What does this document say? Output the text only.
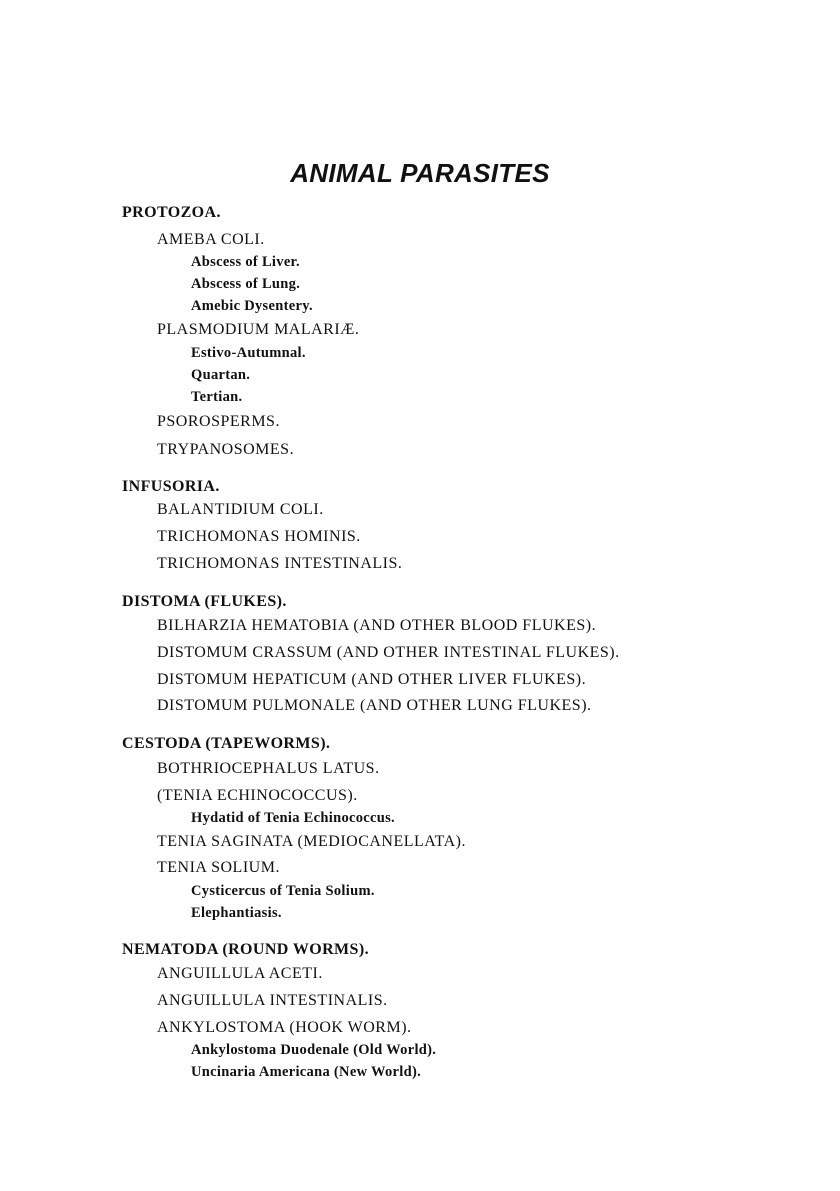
ANIMAL PARASITES
PROTOZOA.
AMEBA COLI.
Abscess of Liver.
Abscess of Lung.
Amebic Dysentery.
PLASMODIUM MALARIÆ.
Estivo-Autumnal.
Quartan.
Tertian.
PSOROSPERMS.
TRYPANOSOMES.
INFUSORIA.
BALANTIDIUM COLI.
TRICHOMONAS HOMINIS.
TRICHOMONAS INTESTINALIS.
DISTOMA (FLUKES).
BILHARZIA HEMATOBIA (AND OTHER BLOOD FLUKES).
DISTOMUM CRASSUM (AND OTHER INTESTINAL FLUKES).
DISTOMUM HEPATICUM (AND OTHER LIVER FLUKES).
DISTOMUM PULMONALE (AND OTHER LUNG FLUKES).
CESTODA (TAPEWORMS).
BOTHRIOCEPHALUS LATUS.
(TENIA ECHINOCOCCUS).
Hydatid of Tenia Echinococcus.
TENIA SAGINATA (MEDIOCANELLATA).
TENIA SOLIUM.
Cysticercus of Tenia Solium.
Elephantiasis.
NEMATODA (ROUND WORMS).
ANGUILLULA ACETI.
ANGUILLULA INTESTINALIS.
ANKYLOSTOMA (HOOK WORM).
Ankylostoma Duodenale (Old World).
Uncinaria Americana (New World).
